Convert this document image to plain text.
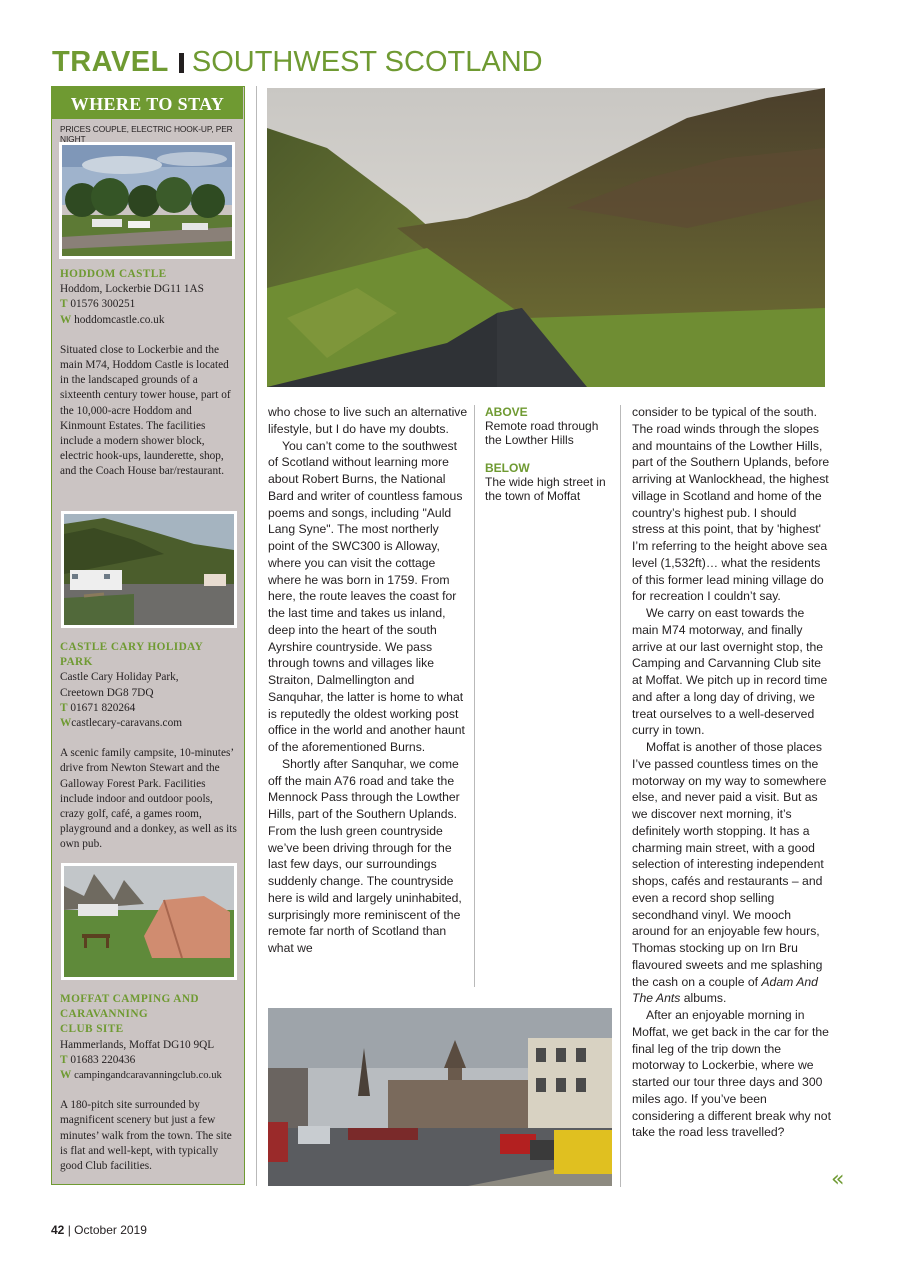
TRAVEL SOUTHWEST SCOTLAND
WHERE TO STAY
PRICES COUPLE, ELECTRIC HOOK-UP, PER NIGHT
HODDOM CASTLE
Hoddom, Lockerbie DG11 1AS
T 01576 300251
W hoddomcastle.co.uk
Situated close to Lockerbie and the main M74, Hoddom Castle is located in the landscaped grounds of a sixteenth century tower house, part of the 10,000-acre Hoddom and Kinmount Estates. The facilities include a modern shower block, electric hook-ups, launderette, shop, and the Coach House bar/restaurant.
CASTLE CARY HOLIDAY PARK
Castle Cary Holiday Park,
Creetown DG8 7DQ
T 01671 820264
Wcastlecary-caravans.com
A scenic family campsite, 10-minutes’ drive from Newton Stewart and the Galloway Forest Park. Facilities include indoor and outdoor pools, crazy golf, café, a games room, playground and a donkey, as well as its own pub.
MOFFAT CAMPING AND
CARAVANNING
CLUB SITE
Hammerlands, Moffat DG10 9QL
T 01683 220436
W campingandcaravanningclub.co.uk
A 180-pitch site surrounded by magnificent scenery but just a few minutes’ walk from the town. The site is flat and well-kept, with typically good Club facilities.

who chose to live such an alternative lifestyle, but I do have my doubts.

You can’t come to the southwest of Scotland without learning more about Robert Burns, the National Bard and writer of countless famous poems and songs, including "Auld Lang Syne". The most northerly point of the SWC300 is Alloway, where you can visit the cottage where he was born in 1759. From here, the route leaves the coast for the last time and takes us inland, deep into the heart of the south Ayrshire countryside. We pass through towns and villages like Straiton, Dalmellington and Sanquhar, the latter is home to what is reputedly the oldest working post office in the world and another haunt of the aforementioned Burns.

Shortly after Sanquhar, we come off the main A76 road and take the Mennock Pass through the Lowther Hills, part of the Southern Uplands. From the lush green countryside we’ve been driving through for the last few days, our surroundings suddenly change. The countryside here is wild and largely uninhabited, surprisingly more reminiscent of the remote far north of Scotland than what we

ABOVE
Remote road through the Lowther Hills
BELOW
The wide high street in the town of Moffat

consider to be typical of the south. The road winds through the slopes and mountains of the Lowther Hills, part of the Southern Uplands, before arriving at Wanlockhead, the highest village in Scotland and home of the country’s highest pub. I should stress at this point, that by 'highest' I’m referring to the height above sea level (1,532ft)… what the residents of this former lead mining village do for recreation I couldn’t say.

We carry on east towards the main M74 motorway, and finally arrive at our last overnight stop, the Camping and Carvanning Club site at Moffat. We pitch up in record time and after a long day of driving, we treat ourselves to a well-deserved curry in town.

Moffat is another of those places I’ve passed countless times on the motorway on my way to somewhere else, and never paid a visit. But as we discover next morning, it’s definitely worth stopping. It has a charming main street, with a good selection of interesting independent shops, cafés and restaurants – and even a record shop selling secondhand vinyl. We mooch around for an enjoyable few hours, Thomas stocking up on Irn Bru flavoured sweets and me splashing the cash on a couple of Adam And The Ants albums.

After an enjoyable morning in Moffat, we get back in the car for the final leg of the trip down the motorway to Lockerbie, where we started our tour three days and 300 miles ago. If you’ve been considering a different break why not take the road less travelled?

«
42 | October 2019
